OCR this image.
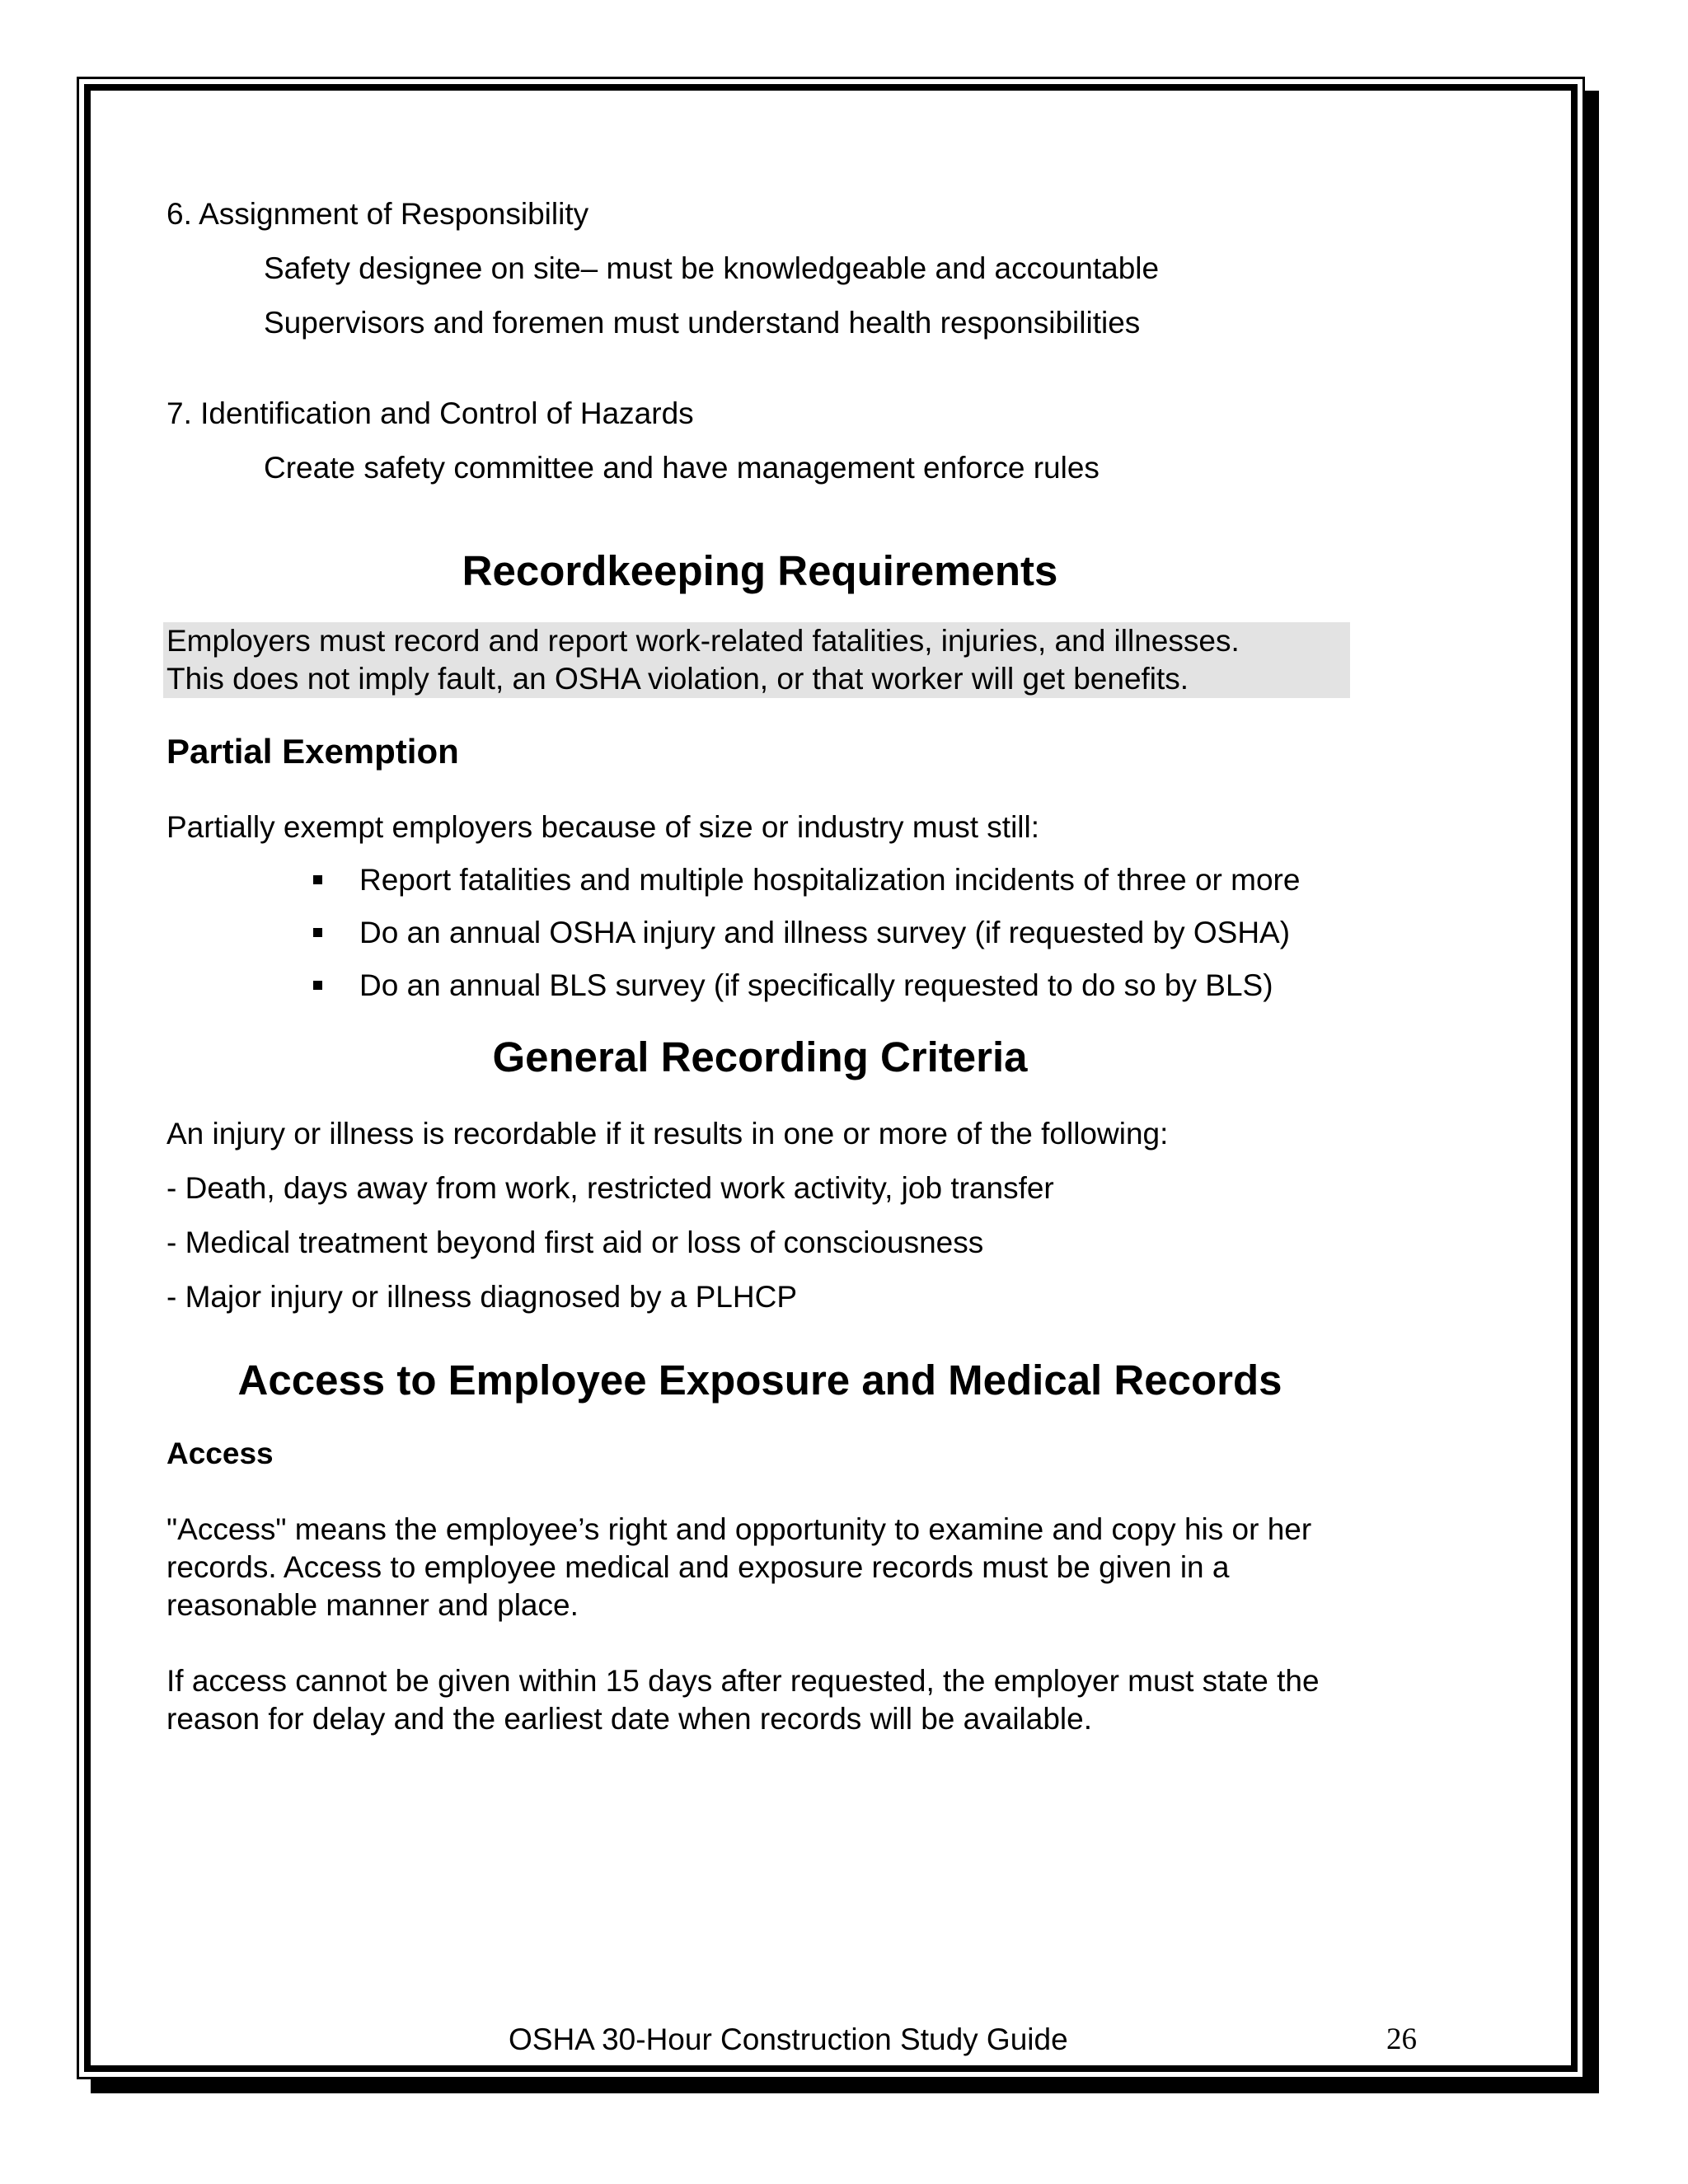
6. Assignment of Responsibility

Safety designee on site– must be knowledgeable and accountable

Supervisors and foremen must understand health responsibilities

7. Identification and Control of Hazards

Create safety committee and have management enforce rules

Recordkeeping Requirements
Employers must record and report work-related fatalities, injuries, and illnesses.
This does not imply fault, an OSHA violation, or that worker will get benefits.
Partial Exemption

Partially exempt employers because of size or industry must still:

Report fatalities and multiple hospitalization incidents of three or more
Do an annual OSHA injury and illness survey (if requested by OSHA)
Do an annual BLS survey (if specifically requested to do so by BLS)
General Recording Criteria

An injury or illness is recordable if it results in one or more of the following:

- Death, days away from work, restricted work activity, job transfer

- Medical treatment beyond first aid or loss of consciousness

- Major injury or illness diagnosed by a PLHCP

Access to Employee Exposure and Medical Records
Access

"Access" means the employee’s right and opportunity to examine and copy his or her records. Access to employee medical and exposure records must be given in a reasonable manner and place.

If access cannot be given within 15 days after requested, the employer must state the reason for delay and the earliest date when records will be available.

OSHA 30-Hour Construction Study Guide	26
